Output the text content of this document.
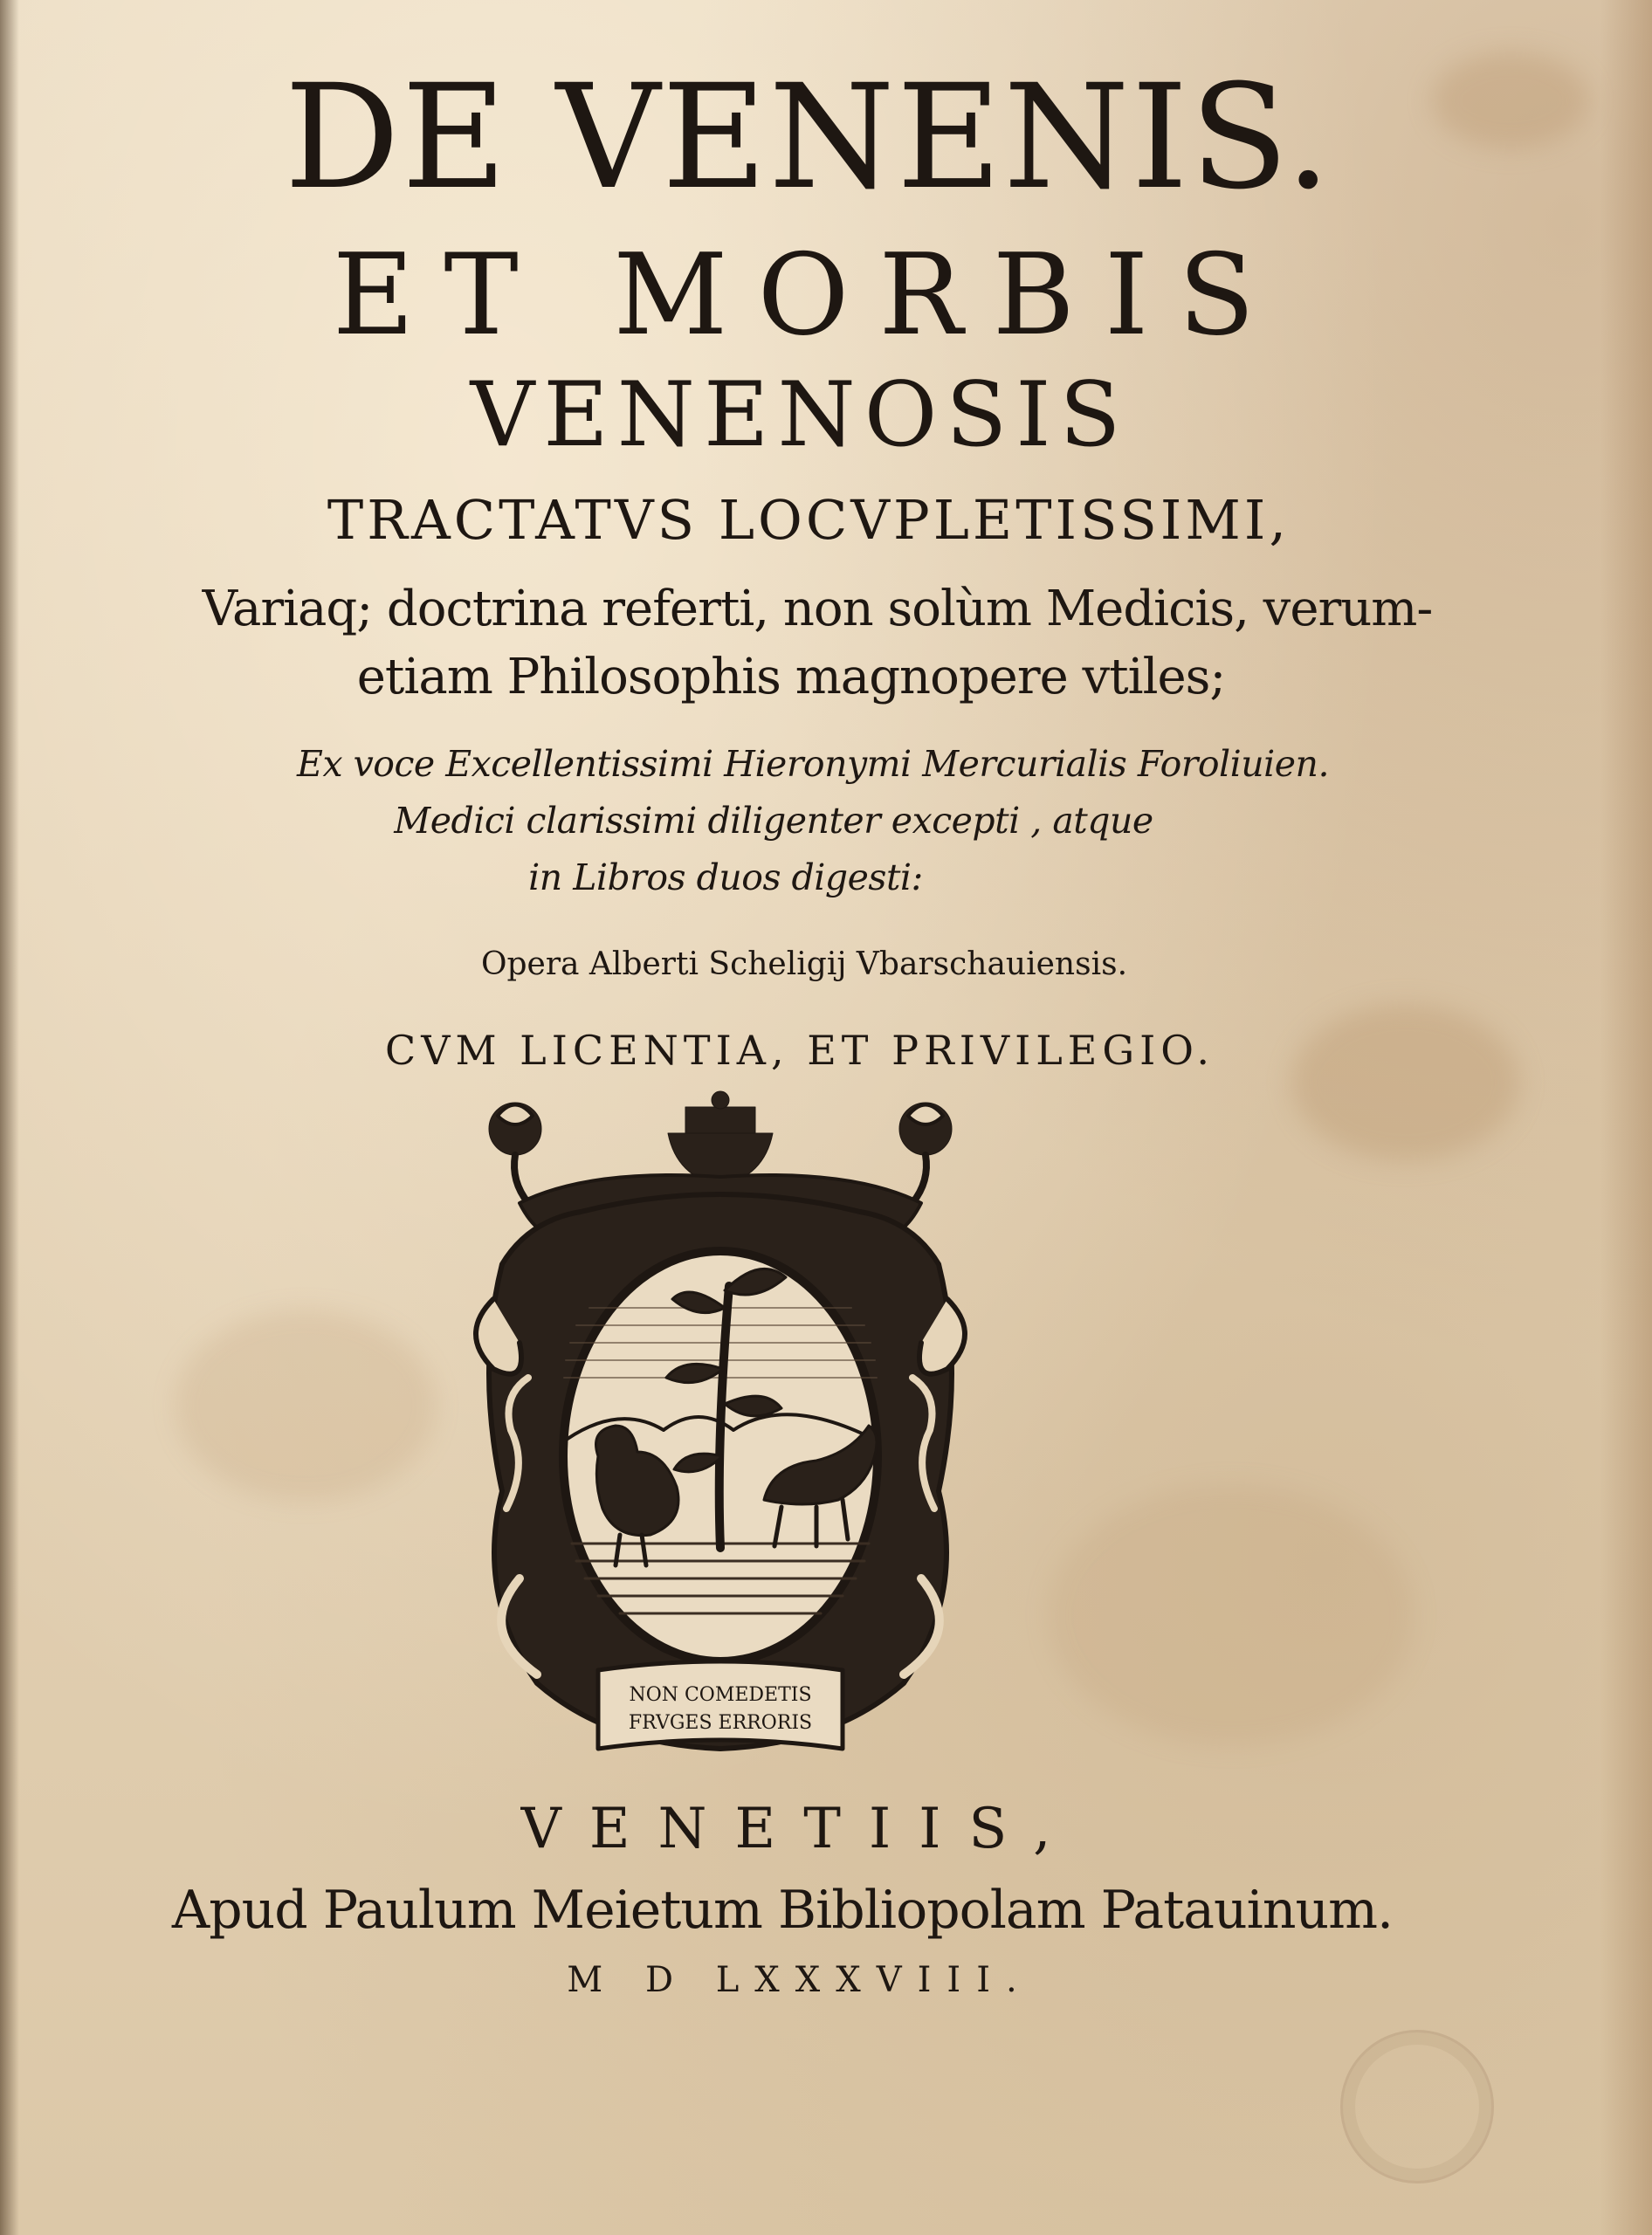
DE VENENIS.
ET MORBIS
VENENOSIS
TRACTATVS LOCVPLETISSIMI,
Variaq; doctrina referti, non solùm Medicis, verum-
etiam Philosophis magnopere vtiles;
Ex voce Excellentissimi Hieronymi Mercurialis Foroliuien.
Medici clarissimi diligenter excepti , atque
in Libros duos digesti:
Opera Alberti Scheligij Vbarschauiensis.
CVM LICENTIA, ET PRIVILEGIO.
NON COMEDETIS
FRVGES ERRORIS
VENETIIS,
Apud Paulum Meietum Bibliopolam Patauinum.
M D LXXXVIII.
